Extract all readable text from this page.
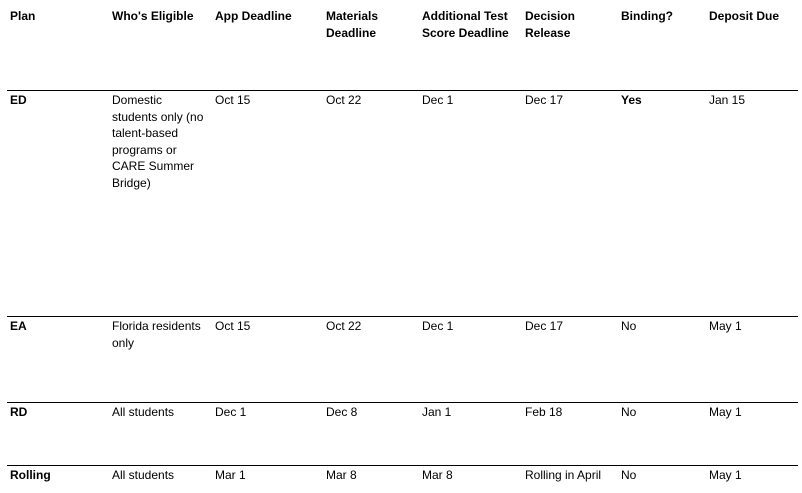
Plan	Who's Eligible	App Deadline	Materials Deadline	Additional Test Score Deadline	Decision Release	Binding?	Deposit Due
ED	Domestic students only (no talent-based programs or CARE Summer Bridge)	Oct 15	Oct 22	Dec 1	Dec 17	Yes	Jan 15
EA	Florida residents only	Oct 15	Oct 22	Dec 1	Dec 17	No	May 1
RD	All students	Dec 1	Dec 8	Jan 1	Feb 18	No	May 1
Rolling	All students	Mar 1	Mar 8	Mar 8	Rolling in April	No	May 1
